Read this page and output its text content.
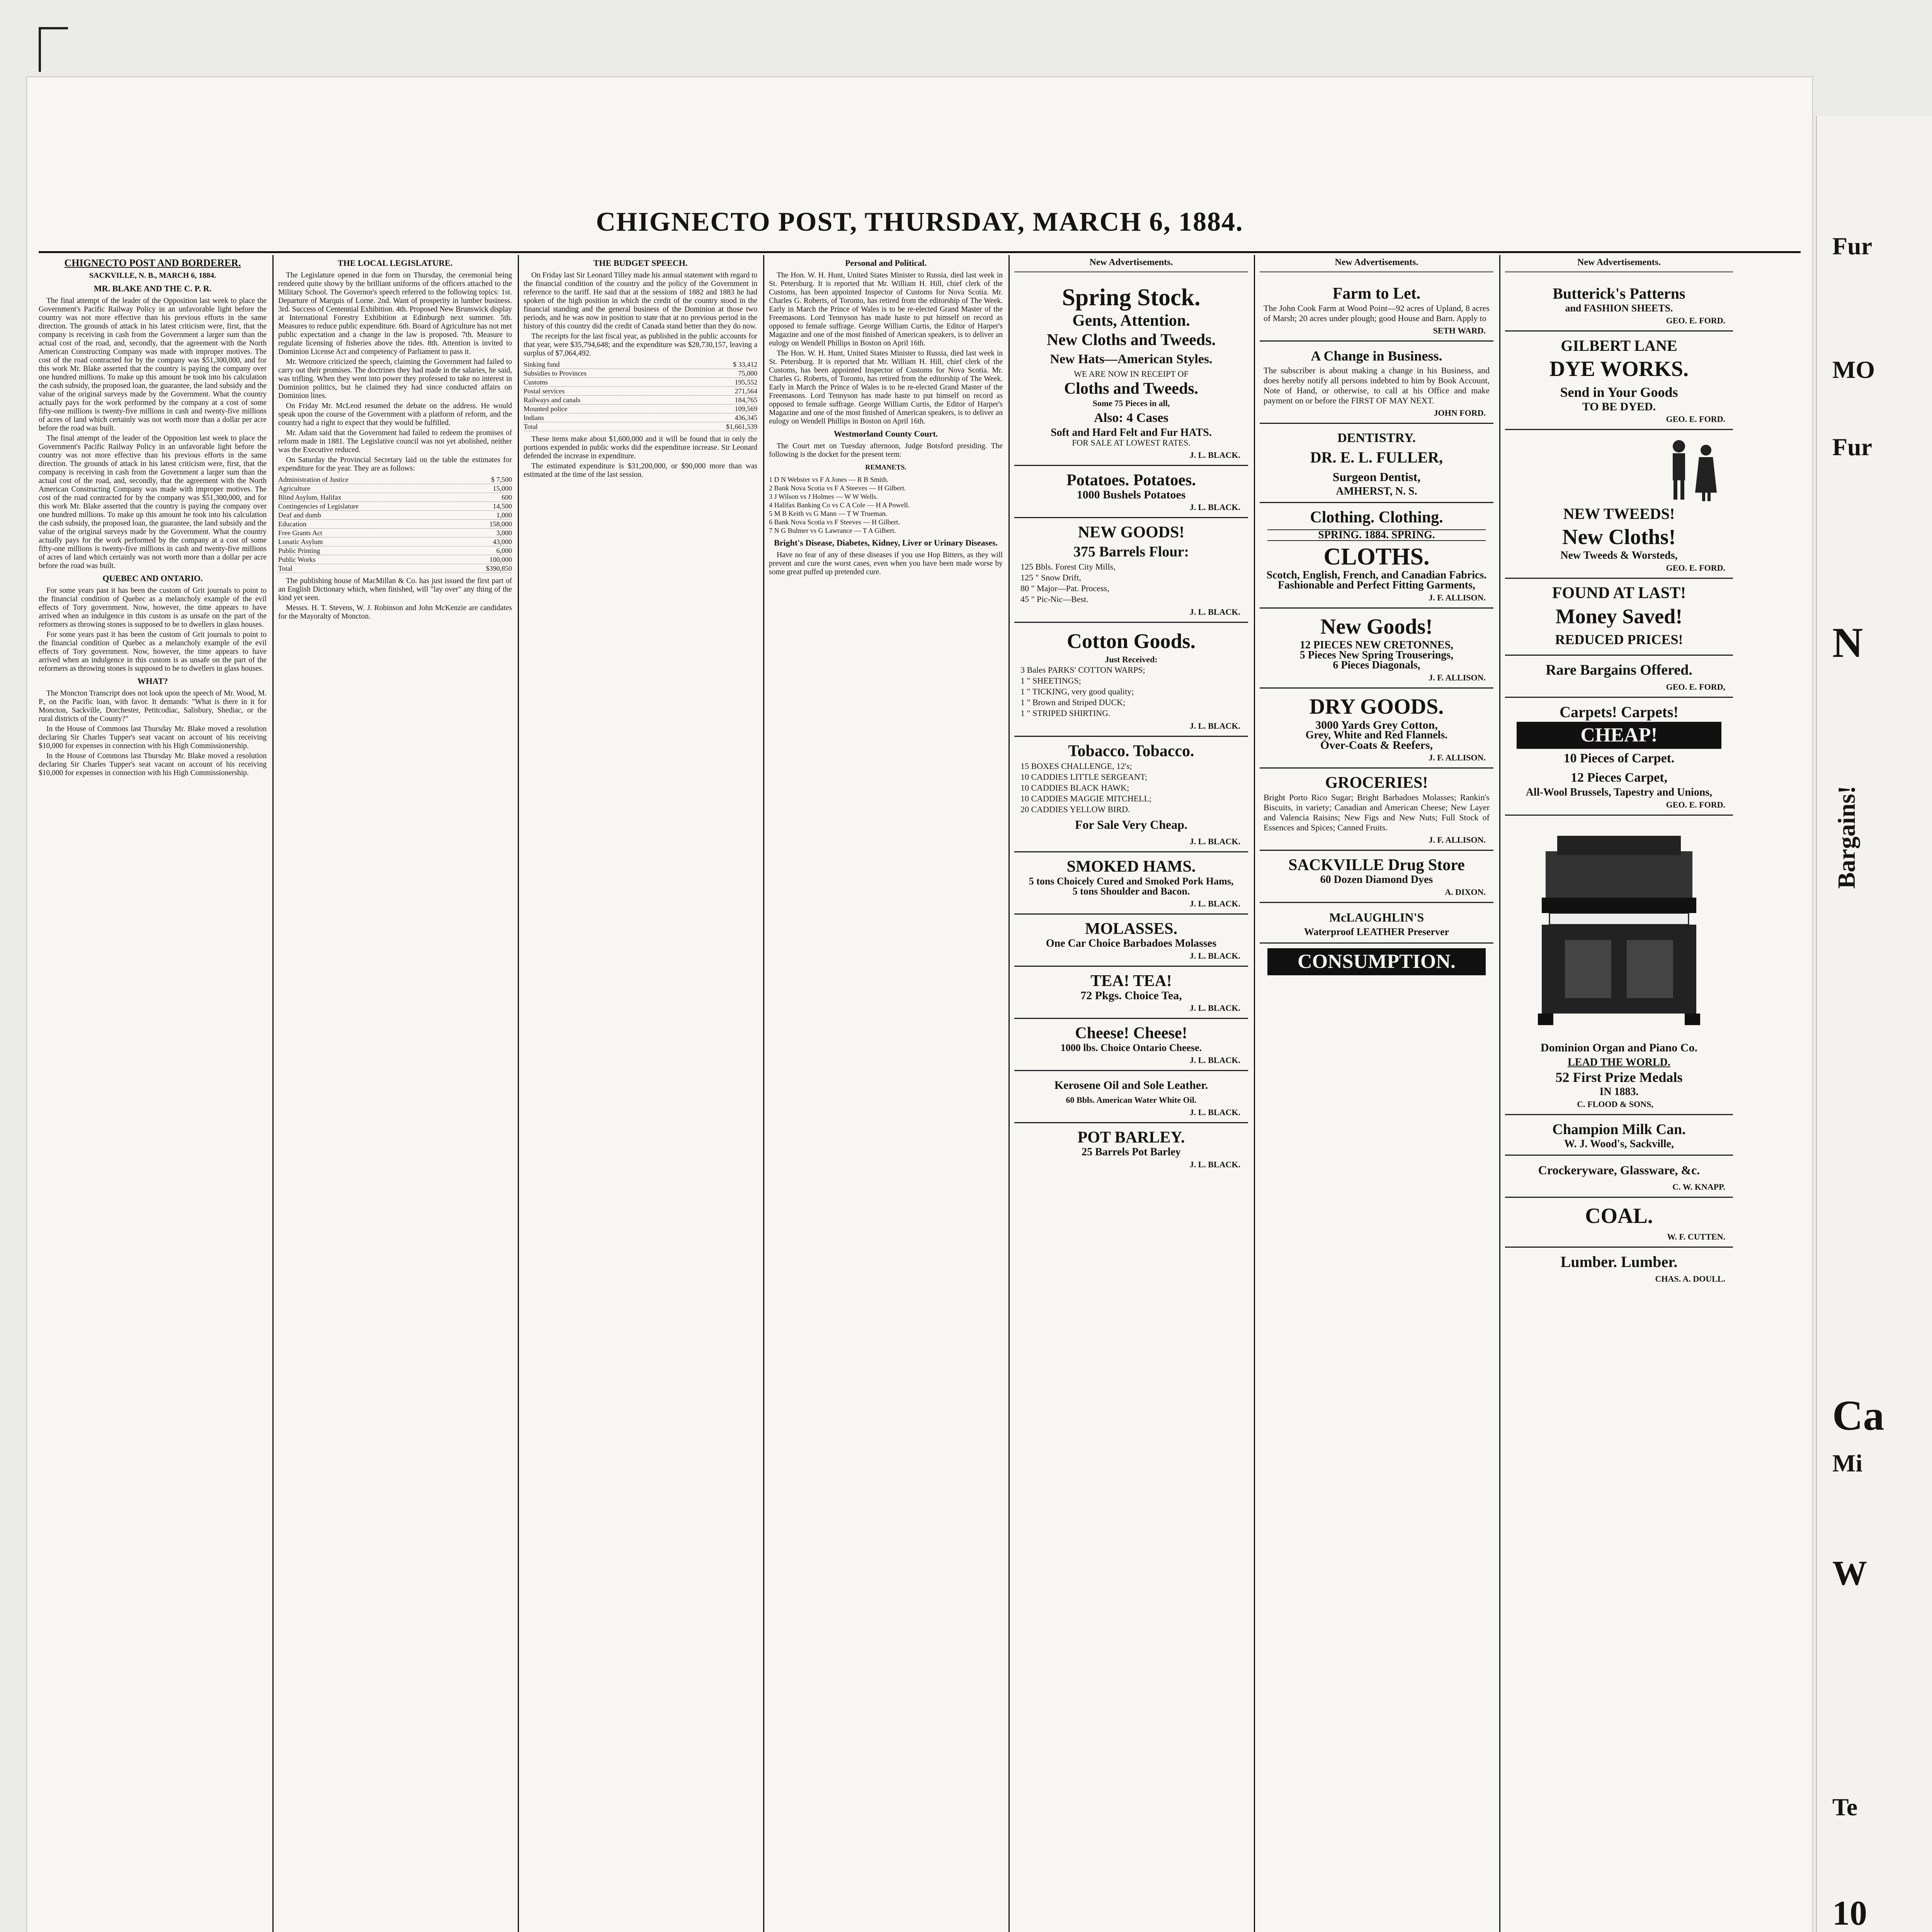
Fur
MO
Fur
N
Bargains!
Ca
Mi
W
Te
10
CHIGNECTO POST, THURSDAY, MARCH 6, 1884.
CHIGNECTO POST AND BORDERER.
SACKVILLE, N. B., MARCH 6, 1884.
MR. BLAKE AND THE C. P. R.

The final attempt of the leader of the Opposition last week to place the Government's Pacific Railway Policy in an unfavorable light before the country was not more effective than his previous efforts in the same direction. The grounds of attack in his latest criticism were, first, that the company is receiving in cash from the Government a larger sum than the actual cost of the road, and, secondly, that the agreement with the North American Constructing Company was made with improper motives. The cost of the road contracted for by the company was $51,300,000, and for this work Mr. Blake asserted that the country is paying the company over one hundred millions. To make up this amount he took into his calculation the cash subsidy, the proposed loan, the guarantee, the land subsidy and the value of the original surveys made by the Government. What the country actually pays for the work performed by the company at a cost of some fifty-one millions is twenty-five millions in cash and twenty-five millions of acres of land which certainly was not worth more than a dollar per acre before the road was built.

The final attempt of the leader of the Opposition last week to place the Government's Pacific Railway Policy in an unfavorable light before the country was not more effective than his previous efforts in the same direction. The grounds of attack in his latest criticism were, first, that the company is receiving in cash from the Government a larger sum than the actual cost of the road, and, secondly, that the agreement with the North American Constructing Company was made with improper motives. The cost of the road contracted for by the company was $51,300,000, and for this work Mr. Blake asserted that the country is paying the company over one hundred millions. To make up this amount he took into his calculation the cash subsidy, the proposed loan, the guarantee, the land subsidy and the value of the original surveys made by the Government. What the country actually pays for the work performed by the company at a cost of some fifty-one millions is twenty-five millions in cash and twenty-five millions of acres of land which certainly was not worth more than a dollar per acre before the road was built.

QUEBEC AND ONTARIO.

For some years past it has been the custom of Grit journals to point to the financial condition of Quebec as a melancholy example of the evil effects of Tory government. Now, however, the time appears to have arrived when an indulgence in this custom is as unsafe on the part of the reformers as throwing stones is supposed to be to dwellers in glass houses.

For some years past it has been the custom of Grit journals to point to the financial condition of Quebec as a melancholy example of the evil effects of Tory government. Now, however, the time appears to have arrived when an indulgence in this custom is as unsafe on the part of the reformers as throwing stones is supposed to be to dwellers in glass houses.

WHAT?

The Moncton Transcript does not look upon the speech of Mr. Wood, M. P., on the Pacific loan, with favor. It demands: "What is there in it for Moncton, Sackville, Dorchester, Petitcodiac, Salisbury, Shediac, or the rural districts of the County?"

In the House of Commons last Thursday Mr. Blake moved a resolution declaring Sir Charles Tupper's seat vacant on account of his receiving $10,000 for expenses in connection with his High Commissionership.

In the House of Commons last Thursday Mr. Blake moved a resolution declaring Sir Charles Tupper's seat vacant on account of his receiving $10,000 for expenses in connection with his High Commissionership.

THE LOCAL LEGISLATURE.

The Legislature opened in due form on Thursday, the ceremonial being rendered quite showy by the brilliant uniforms of the officers attached to the Military School. The Governor's speech referred to the following topics: 1st. Departure of Marquis of Lorne. 2nd. Want of prosperity in lumber business. 3rd. Success of Centennial Exhibition. 4th. Proposed New Brunswick display at International Forestry Exhibition at Edinburgh next summer. 5th. Measures to reduce public expenditure. 6th. Board of Agriculture has not met public expectation and a change in the law is proposed. 7th. Measure to regulate licensing of fisheries above the tides. 8th. Attention is invited to Dominion License Act and competency of Parliament to pass it.

Mr. Wetmore criticized the speech, claiming the Government had failed to carry out their promises. The doctrines they had made in the salaries, he said, was trifling. When they went into power they professed to take no interest in Dominion politics, but he claimed they had since conducted affairs on Dominion lines.

On Friday Mr. McLeod resumed the debate on the address. He would speak upon the course of the Government with a platform of reform, and the country had a right to expect that they would be fulfilled.

Mr. Adam said that the Government had failed to redeem the promises of reform made in 1881. The Legislative council was not yet abolished, neither was the Executive reduced.

On Saturday the Provincial Secretary laid on the table the estimates for expenditure for the year. They are as follows:

Administration of Justice	$ 7,500
Agriculture	15,000
Blind Asylum, Halifax	600
Contingencies of Legislature	14,500
Deaf and dumb	1,000
Education	158,000
Free Grants Act	3,000
Lunatic Asylum	43,000
Public Printing	6,000
Public Works	100,000
Total	$390,850

The publishing house of MacMillan & Co. has just issued the first part of an English Dictionary which, when finished, will "lay over" any thing of the kind yet seen.

Messrs. H. T. Stevens, W. J. Robinson and John McKenzie are candidates for the Mayoralty of Moncton.

THE BUDGET SPEECH.

On Friday last Sir Leonard Tilley made his annual statement with regard to the financial condition of the country and the policy of the Government in reference to the tariff. He said that at the sessions of 1882 and 1883 he had spoken of the high position in which the credit of the country stood in the financial standing and the general business of the Dominion at those two periods, and he was now in position to state that at no previous period in the history of this country did the credit of Canada stand better than they do now.

The receipts for the last fiscal year, as published in the public accounts for that year, were $35,794,648; and the expenditure was $28,730,157, leaving a surplus of $7,064,492.

Sinking fund	$ 33,412
Subsidies to Provinces	75,000
Customs	195,552
Postal services	271,564
Railways and canals	184,765
Mounted police	109,569
Indians	436,345
Total	$1,661,539

These items make about $1,600,000 and it will be found that in only the portions expended in public works did the expenditure increase. Sir Leonard defended the increase in expenditure.

The estimated expenditure is $31,200,000, or $90,000 more than was estimated at the time of the last session.

Personal and Political.

The Hon. W. H. Hunt, United States Minister to Russia, died last week in St. Petersburg. It is reported that Mr. William H. Hill, chief clerk of the Customs, has been appointed Inspector of Customs for Nova Scotia. Mr. Charles G. Roberts, of Toronto, has retired from the editorship of The Week. Early in March the Prince of Wales is to be re-elected Grand Master of the Freemasons. Lord Tennyson has made haste to put himself on record as opposed to female suffrage. George William Curtis, the Editor of Harper's Magazine and one of the most finished of American speakers, is to deliver an eulogy on Wendell Phillips in Boston on April 16th.

The Hon. W. H. Hunt, United States Minister to Russia, died last week in St. Petersburg. It is reported that Mr. William H. Hill, chief clerk of the Customs, has been appointed Inspector of Customs for Nova Scotia. Mr. Charles G. Roberts, of Toronto, has retired from the editorship of The Week. Early in March the Prince of Wales is to be re-elected Grand Master of the Freemasons. Lord Tennyson has made haste to put himself on record as opposed to female suffrage. George William Curtis, the Editor of Harper's Magazine and one of the most finished of American speakers, is to deliver an eulogy on Wendell Phillips in Boston on April 16th.

Westmorland County Court.

The Court met on Tuesday afternoon, Judge Botsford presiding. The following is the docket for the present term:

REMANETS.
1 D N Webster vs F A Jones — R B Smith.
2 Bank Nova Scotia vs F A Steeves — H Gilbert.
3 J Wilson vs J Holmes — W W Wells.
4 Halifax Banking Co vs C A Cole — H A Powell.
5 M B Keith vs G Mann — T W Trueman.
6 Bank Nova Scotia vs F Steeves — H Gilbert.
7 N G Bulmer vs G Lawrance — T A Gilbert.
Bright's Disease, Diabetes, Kidney, Liver or Urinary Diseases.

Have no fear of any of these diseases if you use Hop Bitters, as they will prevent and cure the worst cases, even when you have been made worse by some great puffed up pretended cure.

New Advertisements.
Spring Stock.
Gents, Attention.
New Cloths and Tweeds.
New Hats—American Styles.
WE ARE NOW IN RECEIPT OF
Cloths and Tweeds.
Some 75 Pieces in all,
Also: 4 Cases
Soft and Hard Felt and Fur HATS.
FOR SALE AT LOWEST RATES.
J. L. BLACK.
Potatoes. Potatoes.
1000 Bushels Potatoes
J. L. BLACK.
NEW GOODS!
375 Barrels Flour:
125 Bbls. Forest City Mills,
125 " Snow Drift,
80 " Major—Pat. Process,
45 " Pic-Nic—Best.
J. L. BLACK.
Cotton Goods.
Just Received:
3 Bales PARKS' COTTON WARPS;
1 " SHEETINGS;
1 " TICKING, very good quality;
1 " Brown and Striped DUCK;
1 " STRIPED SHIRTING.
J. L. BLACK.
Tobacco. Tobacco.
15 BOXES CHALLENGE, 12's;
10 CADDIES LITTLE SERGEANT;
10 CADDIES BLACK HAWK;
10 CADDIES MAGGIE MITCHELL;
20 CADDIES YELLOW BIRD.
For Sale Very Cheap.
J. L. BLACK.
SMOKED HAMS.
5 tons Choicely Cured and Smoked Pork Hams,
5 tons Shoulder and Bacon.
J. L. BLACK.
MOLASSES.
One Car Choice Barbadoes Molasses
J. L. BLACK.
TEA! TEA!
72 Pkgs. Choice Tea,
J. L. BLACK.
Cheese! Cheese!
1000 lbs. Choice Ontario Cheese.
J. L. BLACK.
Kerosene Oil and Sole Leather.
60 Bbls. American Water White Oil.
J. L. BLACK.
POT BARLEY.
25 Barrels Pot Barley
J. L. BLACK.
New Advertisements.
Farm to Let.
The John Cook Farm at Wood Point—92 acres of Upland, 8 acres of Marsh; 20 acres under plough; good House and Barn. Apply to
SETH WARD.
A Change in Business.
The subscriber is about making a change in his Business, and does hereby notify all persons indebted to him by Book Account, Note of Hand, or otherwise, to call at his Office and make payment on or before the FIRST OF MAY NEXT.
JOHN FORD.
DENTISTRY.
DR. E. L. FULLER,
Surgeon Dentist,
AMHERST, N. S.
Clothing. Clothing.
SPRING. 1884. SPRING.
CLOTHS.
Scotch, English, French, and Canadian Fabrics.
Fashionable and Perfect Fitting Garments,
J. F. ALLISON.
New Goods!
12 PIECES NEW CRETONNES,
5 Pieces New Spring Trouserings,
6 Pieces Diagonals,
J. F. ALLISON.
DRY GOODS.
3000 Yards Grey Cotton,
Grey, White and Red Flannels.
Over-Coats & Reefers,
J. F. ALLISON.
GROCERIES!
Bright Porto Rico Sugar; Bright Barbadoes Molasses; Rankin's Biscuits, in variety; Canadian and American Cheese; New Layer and Valencia Raisins; New Figs and New Nuts; Full Stock of Essences and Spices; Canned Fruits.
J. F. ALLISON.
SACKVILLE Drug Store
60 Dozen Diamond Dyes
A. DIXON.
McLAUGHLIN'S
Waterproof LEATHER Preserver
CONSUMPTION.
New Advertisements.
Butterick's Patterns
and FASHION SHEETS.
GEO. E. FORD.
GILBERT LANE
DYE WORKS.
Send in Your Goods
TO BE DYED.
GEO. E. FORD.
NEW TWEEDS!
New Cloths!
New Tweeds & Worsteds,
GEO. E. FORD.
FOUND AT LAST!
Money Saved!
REDUCED PRICES!
Rare Bargains Offered.
GEO. E. FORD,
Carpets! Carpets!
CHEAP!
10 Pieces of Carpet.
12 Pieces Carpet,
All-Wool Brussels, Tapestry and Unions,
GEO. E. FORD.
Dominion Organ and Piano Co.
LEAD THE WORLD.
52 First Prize Medals
IN 1883.
C. FLOOD & SONS,
Champion Milk Can.
W. J. Wood's, Sackville,
Crockeryware, Glassware, &c.
C. W. KNAPP.
COAL.
W. F. CUTTEN.
Lumber. Lumber.
CHAS. A. DOULL.
